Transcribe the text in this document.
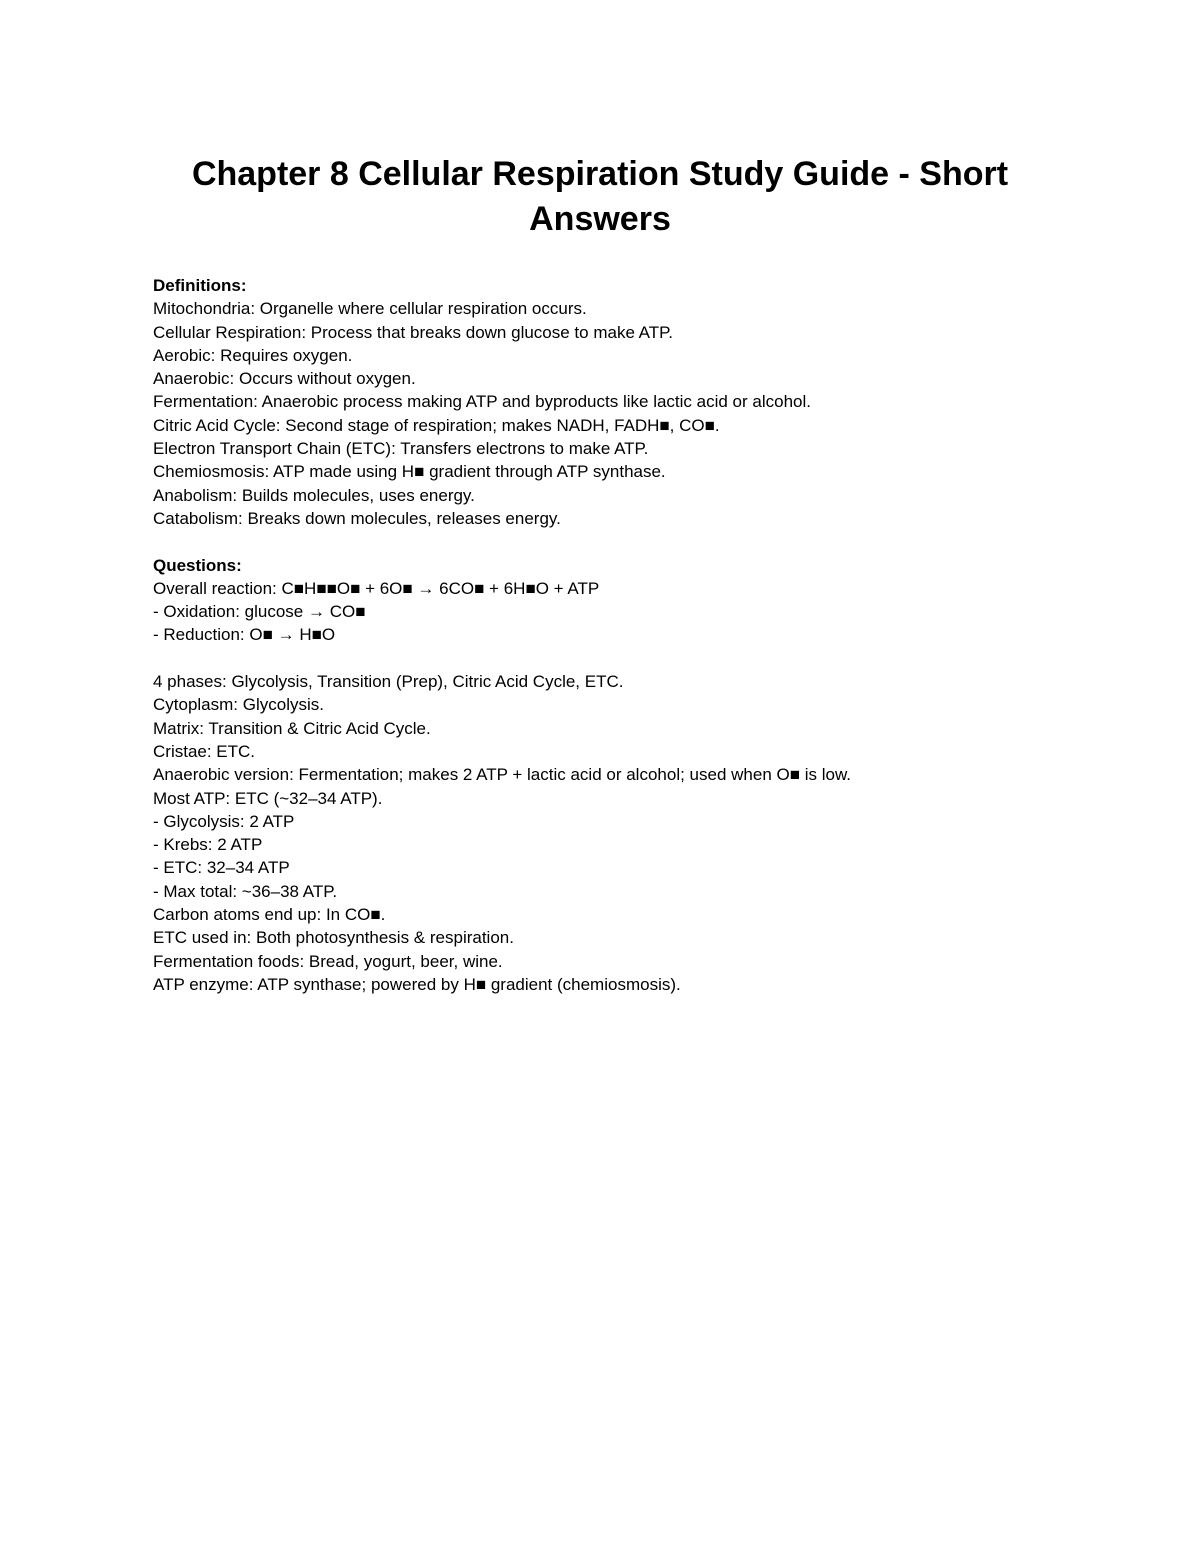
Chapter 8 Cellular Respiration Study Guide - Short Answers
Definitions:
Mitochondria: Organelle where cellular respiration occurs.
Cellular Respiration: Process that breaks down glucose to make ATP.
Aerobic: Requires oxygen.
Anaerobic: Occurs without oxygen.
Fermentation: Anaerobic process making ATP and byproducts like lactic acid or alcohol.
Citric Acid Cycle: Second stage of respiration; makes NADH, FADH■, CO■.
Electron Transport Chain (ETC): Transfers electrons to make ATP.
Chemiosmosis: ATP made using H■ gradient through ATP synthase.
Anabolism: Builds molecules, uses energy.
Catabolism: Breaks down molecules, releases energy.
Questions:
Overall reaction: C■H■■O■ + 6O■ → 6CO■ + 6H■O + ATP
- Oxidation: glucose → CO■
- Reduction: O■ → H■O
4 phases: Glycolysis, Transition (Prep), Citric Acid Cycle, ETC.
Cytoplasm: Glycolysis.
Matrix: Transition & Citric Acid Cycle.
Cristae: ETC.
Anaerobic version: Fermentation; makes 2 ATP + lactic acid or alcohol; used when O■ is low.
Most ATP: ETC (~32–34 ATP).
- Glycolysis: 2 ATP
- Krebs: 2 ATP
- ETC: 32–34 ATP
- Max total: ~36–38 ATP.
Carbon atoms end up: In CO■.
ETC used in: Both photosynthesis & respiration.
Fermentation foods: Bread, yogurt, beer, wine.
ATP enzyme: ATP synthase; powered by H■ gradient (chemiosmosis).
